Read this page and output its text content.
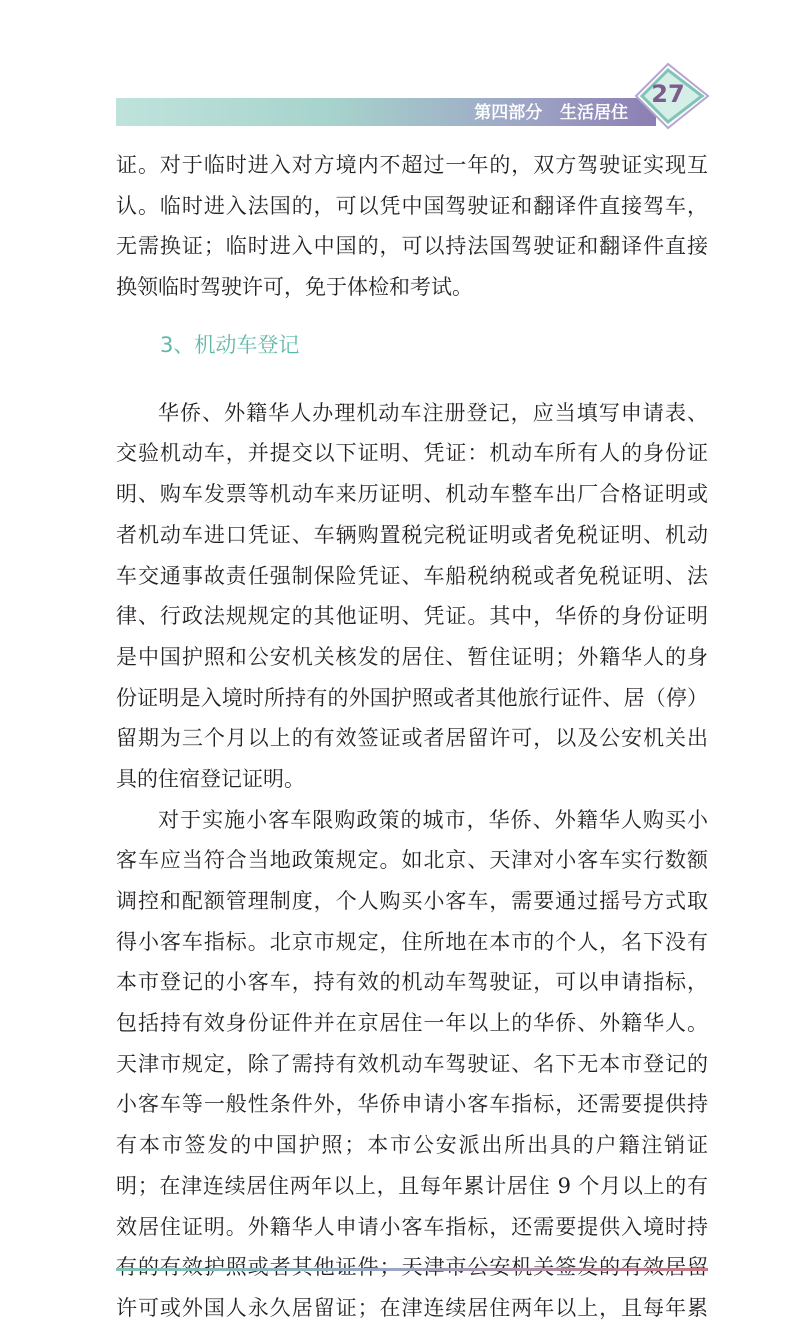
第四部分   生活居住
27
证。对于临时进入对方境内不超过一年的，双方驾驶证实现互
认。临时进入法国的，可以凭中国驾驶证和翻译件直接驾车，
无需换证；临时进入中国的，可以持法国驾驶证和翻译件直接
换领临时驾驶许可，免于体检和考试。
3、机动车登记
华侨、外籍华人办理机动车注册登记，应当填写申请表、
交验机动车，并提交以下证明、凭证：机动车所有人的身份证
明、购车发票等机动车来历证明、机动车整车出厂合格证明或
者机动车进口凭证、车辆购置税完税证明或者免税证明、机动
车交通事故责任强制保险凭证、车船税纳税或者免税证明、法
律、行政法规规定的其他证明、凭证。其中，华侨的身份证明
是中国护照和公安机关核发的居住、暂住证明；外籍华人的身
份证明是入境时所持有的外国护照或者其他旅行证件、居（停）
留期为三个月以上的有效签证或者居留许可，以及公安机关出
具的住宿登记证明。
对于实施小客车限购政策的城市，华侨、外籍华人购买小
客车应当符合当地政策规定。如北京、天津对小客车实行数额
调控和配额管理制度，个人购买小客车，需要通过摇号方式取
得小客车指标。北京市规定，住所地在本市的个人，名下没有
本市登记的小客车，持有效的机动车驾驶证，可以申请指标，
包括持有效身份证件并在京居住一年以上的华侨、外籍华人。
天津市规定，除了需持有效机动车驾驶证、名下无本市登记的
小客车等一般性条件外，华侨申请小客车指标，还需要提供持
有本市签发的中国护照；本市公安派出所出具的户籍注销证
明；在津连续居住两年以上，且每年累计居住 9 个月以上的有
效居住证明。外籍华人申请小客车指标，还需要提供入境时持
许可或外国人永久居留证；在津连续居住两年以上，且每年累
